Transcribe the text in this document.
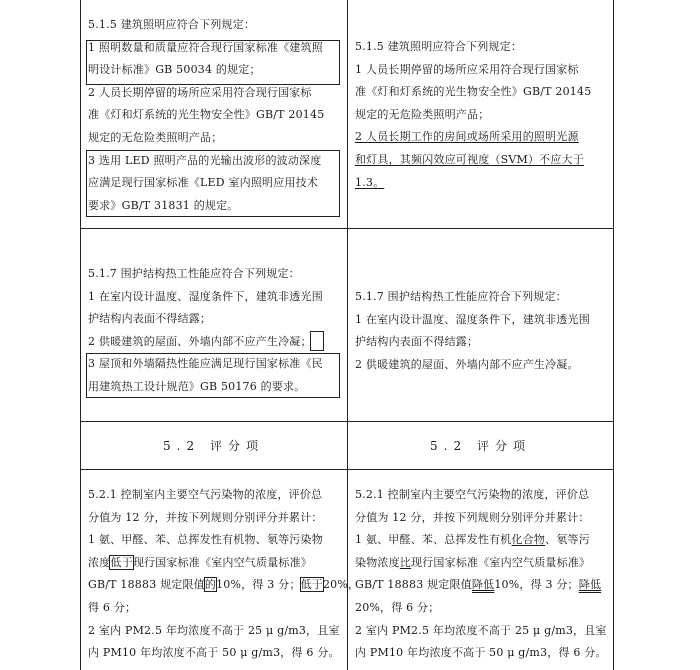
5.1.5 建筑照明应符合下列规定：

1 照明数量和质量应符合现行国家标准《建筑照

明设计标准》GB 50034 的规定；

2 人员长期停留的场所应采用符合现行国家标

准《灯和灯系统的光生物安全性》GB/T 20145

规定的无危险类照明产品；

3 选用 LED 照明产品的光输出波形的波动深度

应满足现行国家标准《LED 室内照明应用技术

要求》GB/T 31831 的规定。

5.1.5 建筑照明应符合下列规定：

1 人员长期停留的场所应采用符合现行国家标

准《灯和灯系统的光生物安全性》GB/T 20145

规定的无危险类照明产品；

2 人员长期工作的房间或场所采用的照明光源

和灯具，其频闪效应可视度（SVM）不应大于

1.3。

5.1.7 围护结构热工性能应符合下列规定：

1 在室内设计温度、湿度条件下，建筑非透光围

护结构内表面不得结露；

2 供暖建筑的屋面、外墙内部不应产生冷凝；

3 屋顶和外墙隔热性能应满足现行国家标准《民

用建筑热工设计规范》GB 50176 的要求。

5.1.7 围护结构热工性能应符合下列规定：

1 在室内设计温度、湿度条件下，建筑非透光围

护结构内表面不得结露；

2 供暖建筑的屋面、外墙内部不应产生冷凝。

5.2 评分项	5.2 评分项

5.2.1 控制室内主要空气污染物的浓度，评价总

分值为 12 分，并按下列规则分别评分并累计：

1 氨、甲醛、苯、总挥发性有机物、氡等污染物

浓度低于现行国家标准《室内空气质量标准》

GB/T 18883 规定限值的10%，得 3 分；低于20%，

得 6 分；

2 室内 PM2.5 年均浓度不高于 25 μ g/m3，且室

内 PM10 年均浓度不高于 50 μ g/m3，得 6 分。

5.2.1 控制室内主要空气污染物的浓度，评价总

分值为 12 分，并按下列规则分别评分并累计：

1 氨、甲醛、苯、总挥发性有机化合物、氡等污

染物浓度比现行国家标准《室内空气质量标准》

GB/T 18883 规定限值降低10%，得 3 分；降低

20%，得 6 分；

2 室内 PM2.5 年均浓度不高于 25 μ g/m3，且室

内 PM10 年均浓度不高于 50 μ g/m3，得 6 分。
